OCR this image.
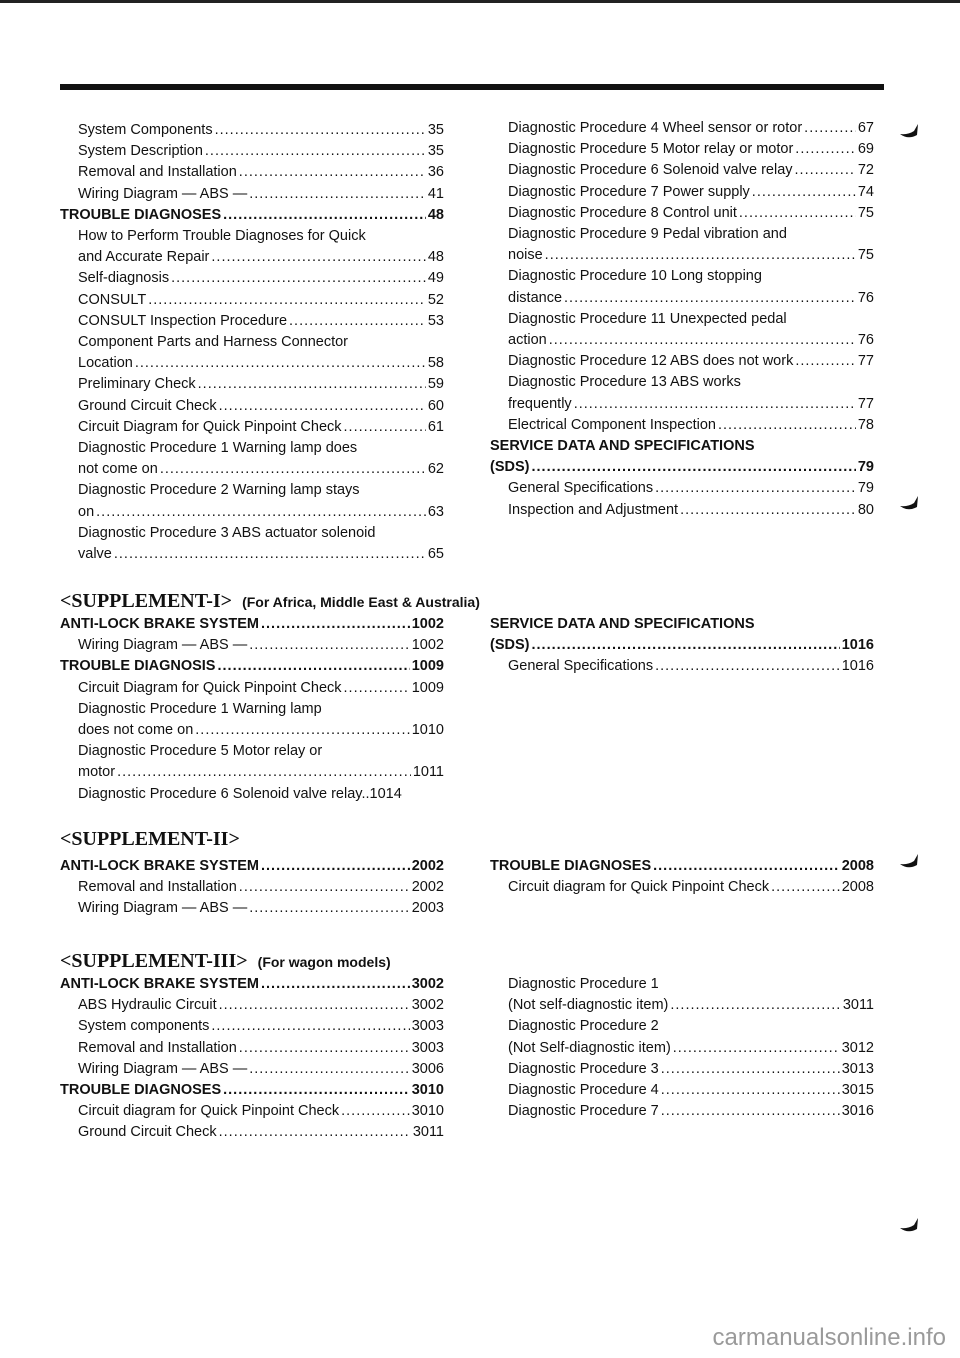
System Components .....	35
System Description .....	35
Removal and Installation .....	36
Wiring Diagram — ABS — .....	41
TROUBLE DIAGNOSES .....	48
How to Perform Trouble Diagnoses for Quick
and Accurate Repair .....	48
Self-diagnosis .....	49
CONSULT .....	52
CONSULT Inspection Procedure .....	53
Component Parts and Harness Connector
Location .....	58
Preliminary Check .....	59
Ground Circuit Check .....	60
Circuit Diagram for Quick Pinpoint Check .....	61
Diagnostic Procedure 1 Warning lamp does
not come on .....	62
Diagnostic Procedure 2 Warning lamp stays
on .....	63
Diagnostic Procedure 3 ABS actuator solenoid
valve .....	65
Diagnostic Procedure 4 Wheel sensor or rotor .....	67
Diagnostic Procedure 5 Motor relay or motor .....	69
Diagnostic Procedure 6 Solenoid valve relay .....	72
Diagnostic Procedure 7 Power supply .....	74
Diagnostic Procedure 8 Control unit .....	75
Diagnostic Procedure 9 Pedal vibration and
noise .....	75
Diagnostic Procedure 10 Long stopping
distance .....	76
Diagnostic Procedure 11 Unexpected pedal
action .....	76
Diagnostic Procedure 12 ABS does not work .....	77
Diagnostic Procedure 13 ABS works
frequently .....	77
Electrical Component Inspection .....	78
SERVICE DATA AND SPECIFICATIONS
(SDS) .....	79
General Specifications .....	79
Inspection and Adjustment .....	80
<SUPPLEMENT-I> (For Africa, Middle East & Australia)
ANTI-LOCK BRAKE SYSTEM .....	1002
Wiring Diagram — ABS — .....	1002
TROUBLE DIAGNOSIS .....	1009
Circuit Diagram for Quick Pinpoint Check .....	1009
Diagnostic Procedure 1 Warning lamp
does not come on .....	1010
Diagnostic Procedure 5 Motor relay or
motor .....	1011
Diagnostic Procedure 6 Solenoid valve relay.. 1014
SERVICE DATA AND SPECIFICATIONS
(SDS) .....	1016
General Specifications .....	1016
<SUPPLEMENT-II>
ANTI-LOCK BRAKE SYSTEM .....	2002
Removal and Installation .....	2002
Wiring Diagram — ABS — .....	2003
TROUBLE DIAGNOSES .....	2008
Circuit diagram for Quick Pinpoint Check .....	2008
<SUPPLEMENT-III> (For wagon models)
ANTI-LOCK BRAKE SYSTEM .....	3002
ABS Hydraulic Circuit .....	3002
System components .....	3003
Removal and Installation .....	3003
Wiring Diagram — ABS — .....	3006
TROUBLE DIAGNOSES .....	3010
Circuit diagram for Quick Pinpoint Check .....	3010
Ground Circuit Check .....	3011
Diagnostic Procedure 1
(Not self-diagnostic item) .....	3011
Diagnostic Procedure 2
(Not Self-diagnostic item) .....	3012
Diagnostic Procedure 3 .....	3013
Diagnostic Procedure 4 .....	3015
Diagnostic Procedure 7 .....	3016
carmanualsonline.info
